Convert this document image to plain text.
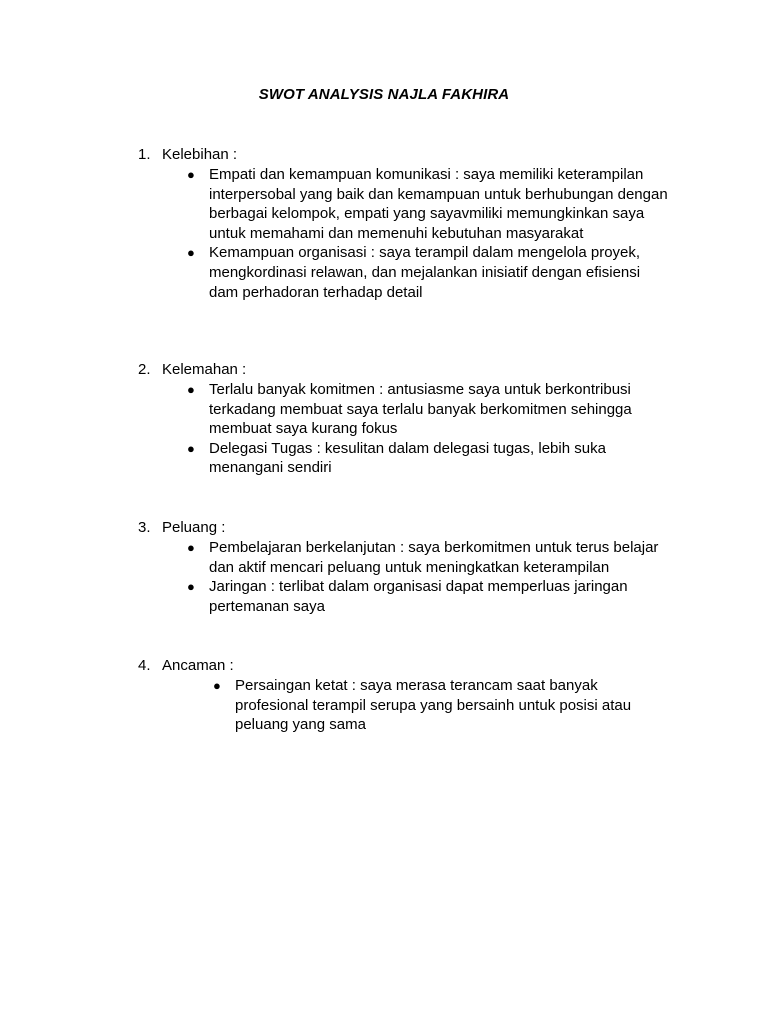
SWOT ANALYSIS NAJLA FAKHIRA
1. Kelebihan :
● Empati dan kemampuan komunikasi : saya memiliki keterampilan interpersobal yang baik dan kemampuan untuk berhubungan dengan berbagai kelompok, empati yang sayavmiliki memungkinkan saya untuk memahami dan memenuhi kebutuhan masyarakat
● Kemampuan organisasi : saya terampil dalam mengelola proyek, mengkordinasi relawan, dan mejalankan inisiatif dengan efisiensi dam perhadoran terhadap detail
2. Kelemahan :
● Terlalu banyak komitmen : antusiasme saya untuk berkontribusi terkadang membuat saya terlalu banyak berkomitmen sehingga membuat saya kurang fokus
● Delegasi Tugas : kesulitan dalam delegasi tugas, lebih suka menangani sendiri
3. Peluang :
● Pembelajaran berkelanjutan : saya berkomitmen untuk terus belajar dan aktif mencari peluang untuk meningkatkan keterampilan
● Jaringan : terlibat dalam organisasi dapat memperluas jaringan pertemanan saya
4. Ancaman :
● Persaingan ketat : saya merasa terancam saat banyak profesional terampil serupa yang bersainh untuk posisi atau peluang yang sama
